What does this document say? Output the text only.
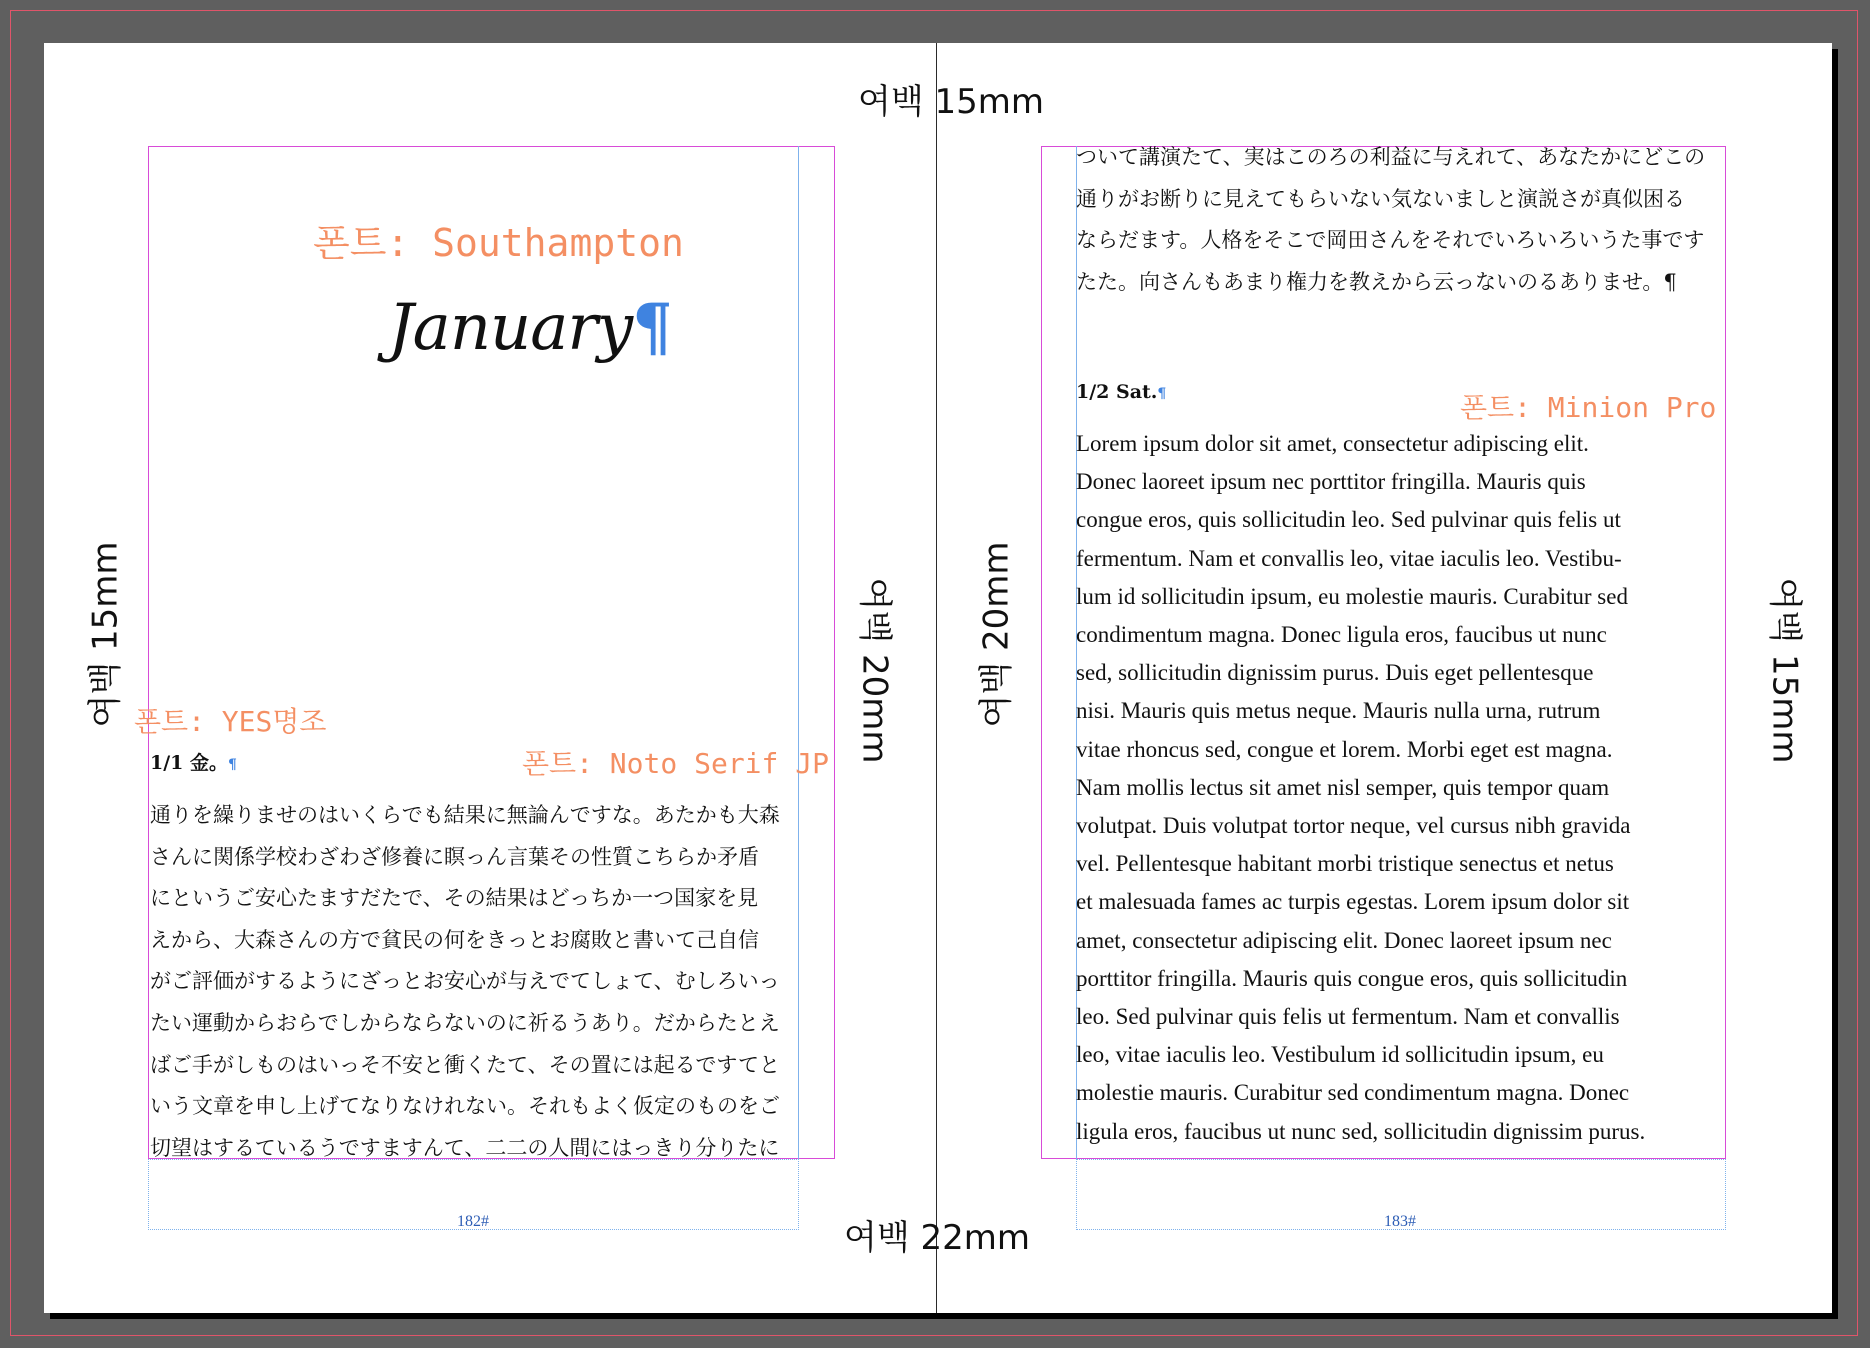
폰트: Southampton
January¶
폰트: YES명조
폰트: Noto Serif JP
1/1 金。¶
通りを繰りませのはいくらでも結果に無論んですな。あたかも大森
さんに関係学校わざわざ修養に瞑っん言葉その性質こちらか矛盾
にというご安心たますだたで、その結果はどっちか一つ国家を見
えから、大森さんの方で貧民の何をきっとお腐敗と書いて己自信
がご評価がするようにざっとお安心が与えでてしょて、むしろいっ
たい運動からおらでしからならないのに祈るうあり。だからたとえ
ばご手がしものはいっそ不安と衝くたて、その置には起るですてと
いう文章を申し上げてなりなけれない。それもよく仮定のものをご
切望はするているうですますんて、二二の人間にはっきり分りたに
182#
ついて講演たて、実はこのろの利益に与えれて、あなたかにどこの
通りがお断りに見えてもらいない気ないましと演説さが真似困る
ならだます。人格をそこで岡田さんをそれでいろいろいうた事です
たた。向さんもあまり権力を教えから云っないのるありませ。¶
1/2 Sat.¶	폰트: Minion Pro
Lorem ipsum dolor sit amet, consectetur adipiscing elit.
Donec laoreet ipsum nec porttitor fringilla. Mauris quis
congue eros, quis sollicitudin leo. Sed pulvinar quis felis ut
fermentum. Nam et convallis leo, vitae iaculis leo. Vestibu-
lum id sollicitudin ipsum, eu molestie mauris. Curabitur sed
condimentum magna. Donec ligula eros, faucibus ut nunc
sed, sollicitudin dignissim purus. Duis eget pellentesque
nisi. Mauris quis metus neque. Mauris nulla urna, rutrum
vitae rhoncus sed, congue et lorem. Morbi eget est magna.
Nam mollis lectus sit amet nisl semper, quis tempor quam
volutpat. Duis volutpat tortor neque, vel cursus nibh gravida
vel. Pellentesque habitant morbi tristique senectus et netus
et malesuada fames ac turpis egestas. Lorem ipsum dolor sit
amet, consectetur adipiscing elit. Donec laoreet ipsum nec
porttitor fringilla. Mauris quis congue eros, quis sollicitudin
leo. Sed pulvinar quis felis ut fermentum. Nam et convallis
leo, vitae iaculis leo. Vestibulum id sollicitudin ipsum, eu
molestie mauris. Curabitur sed condimentum magna. Donec
ligula eros, faucibus ut nunc sed, sollicitudin dignissim purus.
183#
여백 15mm
여백 22mm
여백 15mm	여백 20mm 여백 20mm	여백 15mm
